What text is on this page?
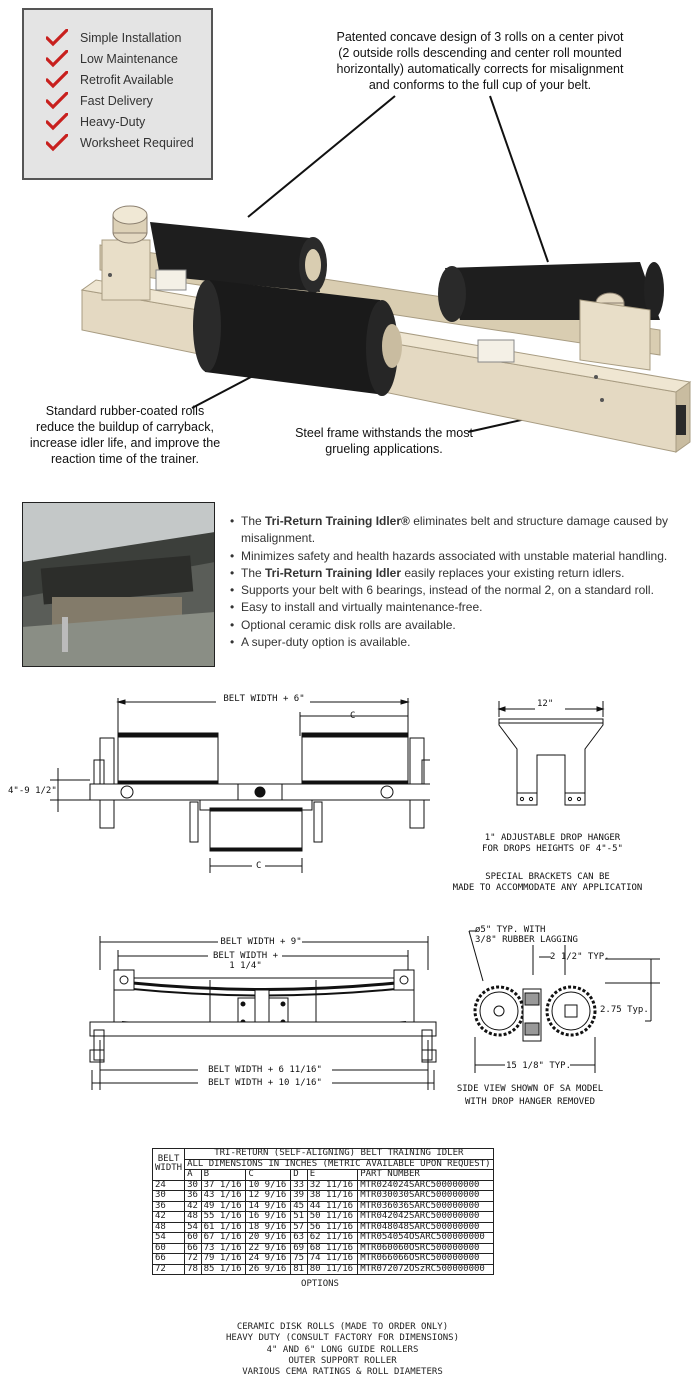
Simple Installation
Low Maintenance
Retrofit Available
Fast Delivery
Heavy-Duty
Worksheet Required
Patented concave design of 3 rolls on a center pivot
(2 outside rolls descending and center roll mounted
horizontally) automatically corrects for misalignment
and conforms to the full cup of your belt.
Standard rubber-coated rolls
reduce the buildup of carryback,
increase idler life, and improve the
reaction time of the trainer.
Steel frame withstands the most
grueling applications.
• The Tri-Return Training Idler® eliminates belt and structure damage caused by misalignment.
• Minimizes safety and health hazards associated with unstable material handling.
• The Tri-Return Training Idler easily replaces your existing return idlers.
• Supports your belt with 6 bearings, instead of the normal 2, on a standard roll.
• Easy to install and virtually maintenance-free.
• Optional ceramic disk rolls are available.
• A super-duty option is available.
BELT WIDTH + 6"
C
C
4"-9 1/2"
12"
1" ADJUSTABLE DROP HANGER
FOR DROPS HEIGHTS OF 4"-5"
SPECIAL BRACKETS CAN BE
MADE TO ACCOMMODATE ANY APPLICATION
BELT WIDTH + 9"
BELT WIDTH + 1 1/4"
BELT WIDTH + 6 11/16"
BELT WIDTH + 10 1/16"
ø5" TYP. WITH
3/8" RUBBER LAGGING
2 1/2" TYP.
2.75 Typ.
15 1/8" TYP.
SIDE VIEW SHOWN OF SA MODEL
WITH DROP HANGER REMOVED
BELT
WIDTH	TRI-RETURN (SELF-ALIGNING) BELT TRAINING IDLER					
	ALL DIMENSIONS IN INCHES (METRIC AVAILABLE UPON REQUEST)					
	A	B	C	D	E	PART NUMBER
24	30	37 1/16	10 9/16	33	32 11/16	MTR024024SARC500000000
30	36	43 1/16	12 9/16	39	38 11/16	MTR030030SARC500000000
36	42	49 1/16	14 9/16	45	44 11/16	MTR036036SARC500000000
42	48	55 1/16	16 9/16	51	50 11/16	MTR042042SARC500000000
48	54	61 1/16	18 9/16	57	56 11/16	MTR048048SARC500000000
54	60	67 1/16	20 9/16	63	62 11/16	MTR054054OSARC500000000
60	66	73 1/16	22 9/16	69	68 11/16	MTR060060OSRC500000000
66	72	79 1/16	24 9/16	75	74 11/16	MTR066066OSRC500000000
72	78	85 1/16	26 9/16	81	80 11/16	MTR072072OSzRC500000000
OPTIONS
CERAMIC DISK ROLLS (MADE TO ORDER ONLY)
HEAVY DUTY (CONSULT FACTORY FOR DIMENSIONS)
4" AND 6" LONG GUIDE ROLLERS
OUTER SUPPORT ROLLER
VARIOUS CEMA RATINGS & ROLL DIAMETERS
